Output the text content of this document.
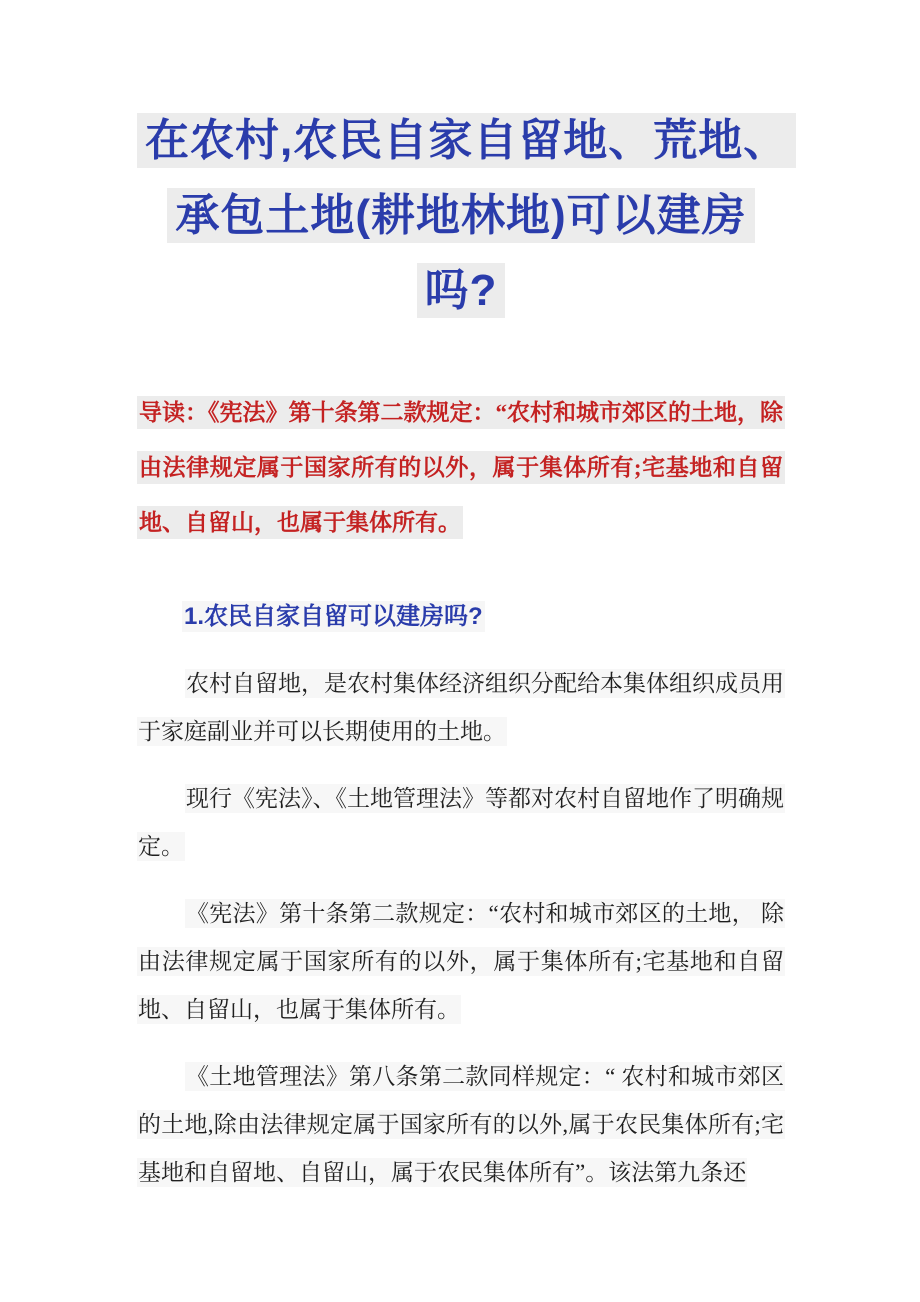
在农村,农民自家自留地、荒地、
承包土地(耕地林地)可以建房
吗?

导读：《宪法》第十条第二款规定：“农村和城市郊区的土地，除由法律规定属于国家所有的以外，属于集体所有;宅基地和自留地、自留山，也属于集体所有。

1.农民自家自留可以建房吗?

农村自留地，是农村集体经济组织分配给本集体组织成员用于家庭副业并可以长期使用的土地。

现行《宪法》、《土地管理法》等都对农村自留地作了明确规定。

《宪法》第十条第二款规定：“农村和城市郊区的土地， 除由法律规定属于国家所有的以外，属于集体所有;宅基地和自留地、自留山，也属于集体所有。

《土地管理法》第八条第二款同样规定：“ 农村和城市郊区的土地,除由法律规定属于国家所有的以外,属于农民集体所有;宅基地和自留地、自留山，属于农民集体所有”。该法第九条还
